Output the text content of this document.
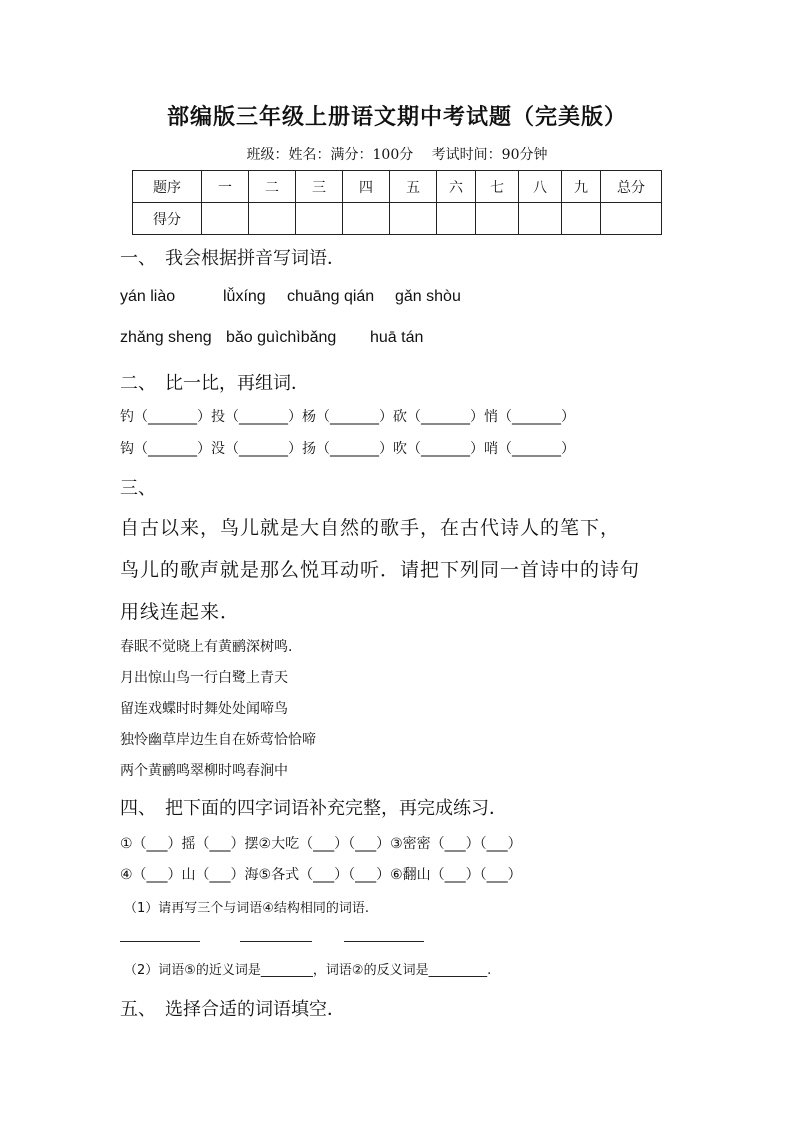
部编版三年级上册语文期中考试题（完美版）
班级：姓名：满分：100分　 考试时间：90分钟
题序	一	二	三	四	五	六	七	八	九	总分
得分										
一、　我会根据拼音写词语．
yán liào	lǚxíng chuāng qián gǎn shòu
zhǎng sheng bǎo guìchìbǎng huā tán
二、　比一比，再组词．
钓（_______）投（_______）杨（_______）砍（_______）悄（_______）
钩（_______）没（_______）扬（_______）吹（_______）哨（_______）
三、
自古以来，鸟儿就是大自然的歌手，在古代诗人的笔下，
鸟儿的歌声就是那么悦耳动听．请把下列同一首诗中的诗句
用线连起来．
春眠不觉晓上有黄鹂深树鸣.
月出惊山鸟一行白鹭上青天
留连戏蝶时时舞处处闻啼鸟
独怜幽草岸边生自在娇莺恰恰啼
两个黄鹂鸣翠柳时鸣春涧中
四、　把下面的四字词语补充完整，再完成练习．
①（___）摇（___）摆②大吃（___）（___）③密密（___）（___）
④（___）山（___）海⑤各式（___）（___）⑥翻山（___）（___）
（1）请再写三个与词语④结构相同的词语.
（2）词语⑤的近义词是________，词语②的反义词是_________.
五、　选择合适的词语填空．
